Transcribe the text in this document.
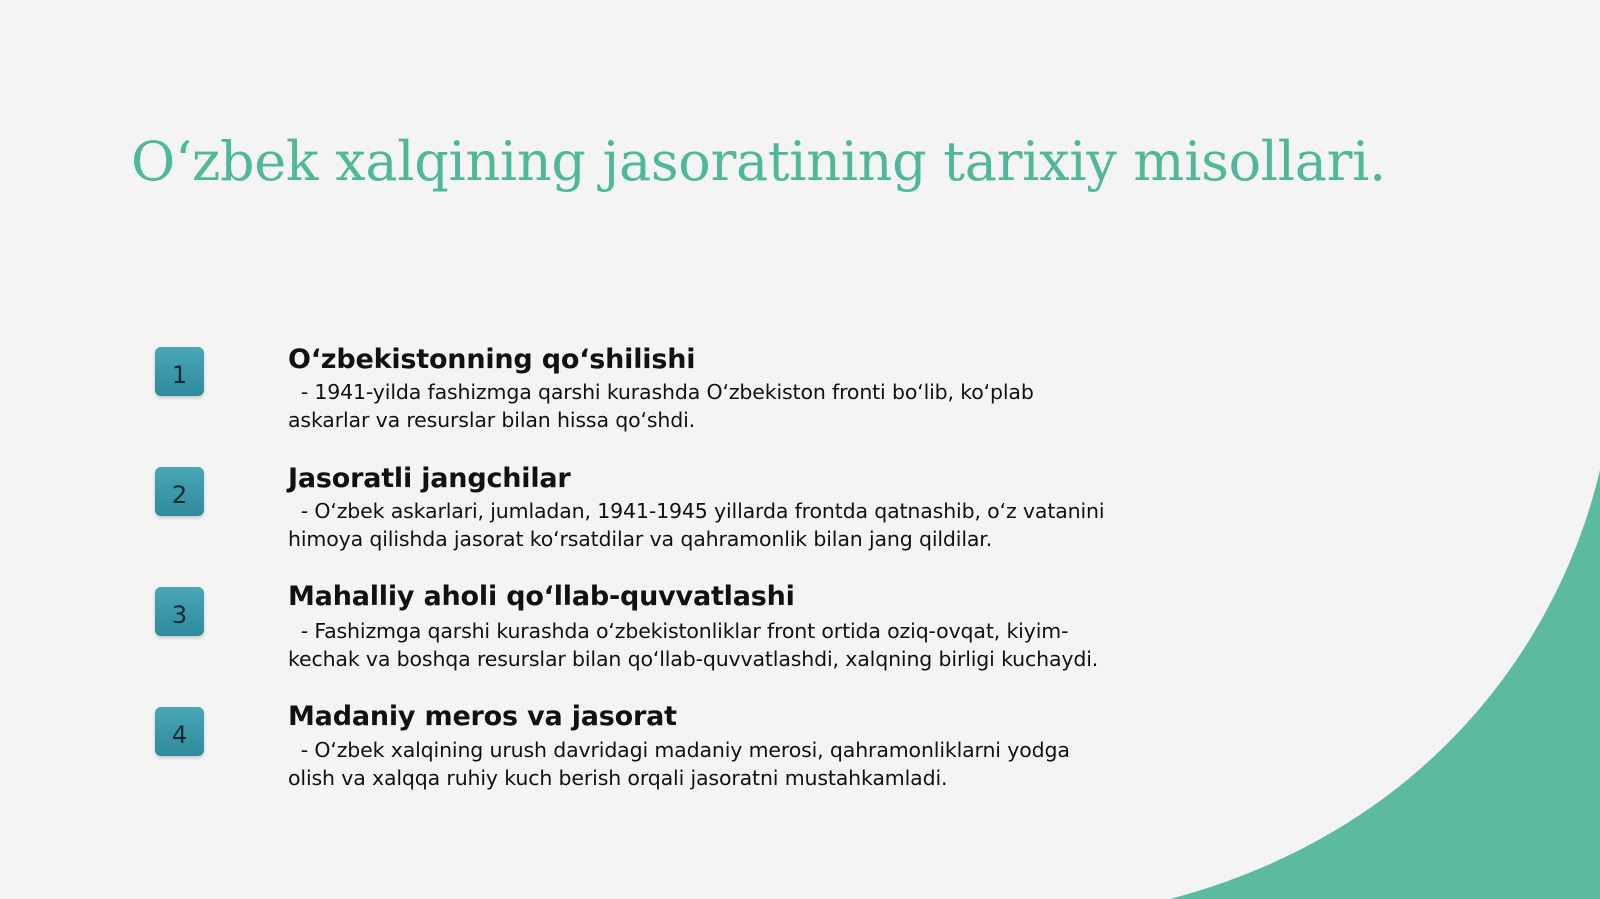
O‘zbek xalqining jasoratining tarixiy misollari.
1	O‘zbekistonning qo‘shilishi

- 1941-yilda fashizmga qarshi kurashda O‘zbekiston fronti bo‘lib, ko‘plab askarlar va resurslar bilan hissa qo‘shdi.

2
Jasoratli jangchilar

- O‘zbek askarlari, jumladan, 1941-1945 yillarda frontda qatnashib, o‘z vatanini himoya qilishda jasorat ko‘rsatdilar va qahramonlik bilan jang qildilar.

3
Mahalliy aholi qo‘llab-quvvatlashi

- Fashizmga qarshi kurashda o‘zbekistonliklar front ortida oziq-ovqat, kiyim-kechak va boshqa resurslar bilan qo‘llab-quvvatlashdi, xalqning birligi kuchaydi.

4
Madaniy meros va jasorat

- O‘zbek xalqining urush davridagi madaniy merosi, qahramonliklarni yodga olish va xalqqa ruhiy kuch berish orqali jasoratni mustahkamladi.
